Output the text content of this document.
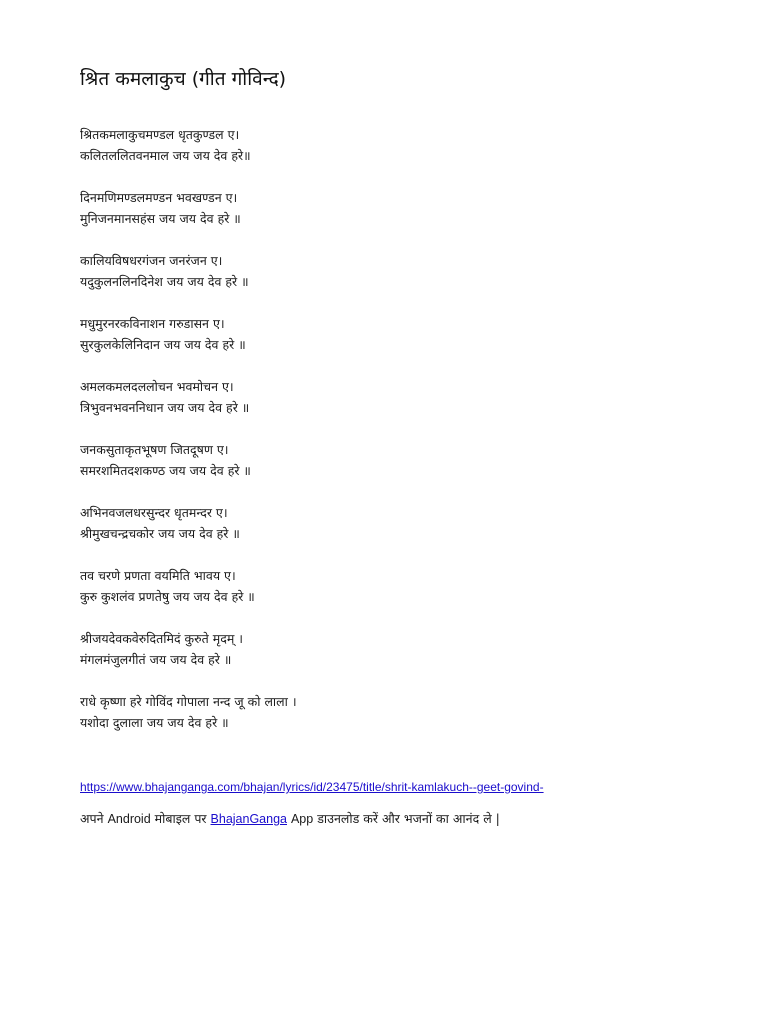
श्रित कमलाकुच (गीत गोविन्द)
श्रितकमलाकुचमण्डल धृतकुण्डल ए।
कलितललितवनमाल जय जय देव हरे॥
दिनमणिमण्डलमण्डन भवखण्डन ए।
मुनिजनमानसहंस जय जय देव हरे ॥
कालियविषधरगंजन जनरंजन ए।
यदुकुलनलिनदिनेश जय जय देव हरे ॥
मधुमुरनरकविनाशन गरुडासन ए।
सुरकुलकेलिनिदान जय जय देव हरे ॥
अमलकमलदललोचन भवमोचन ए।
त्रिभुवनभवननिधान जय जय देव हरे ॥
जनकसुताकृतभूषण जितदूषण ए।
समरशमितदशकण्ठ जय जय देव हरे ॥
अभिनवजलधरसुन्दर धृतमन्दर ए।
श्रीमुखचन्द्रचकोर जय जय देव हरे ॥
तव चरणे प्रणता वयमिति भावय ए।
कुरु कुशलंव प्रणतेषु जय जय देव हरे ॥
श्रीजयदेवकवेरुदितमिदं कुरुते मृदम् ।
मंगलमंजुलगीतं जय जय देव हरे ॥
राधे कृष्णा हरे गोविंद गोपाला नन्द जू को लाला ।
यशोदा दुलाला जय जय देव हरे ॥
https://www.bhajanganga.com/bhajan/lyrics/id/23475/title/shrit-kamlakuch--geet-govind-
अपने Android मोबाइल पर BhajanGanga App डाउनलोड करें और भजनों का आनंद ले |
